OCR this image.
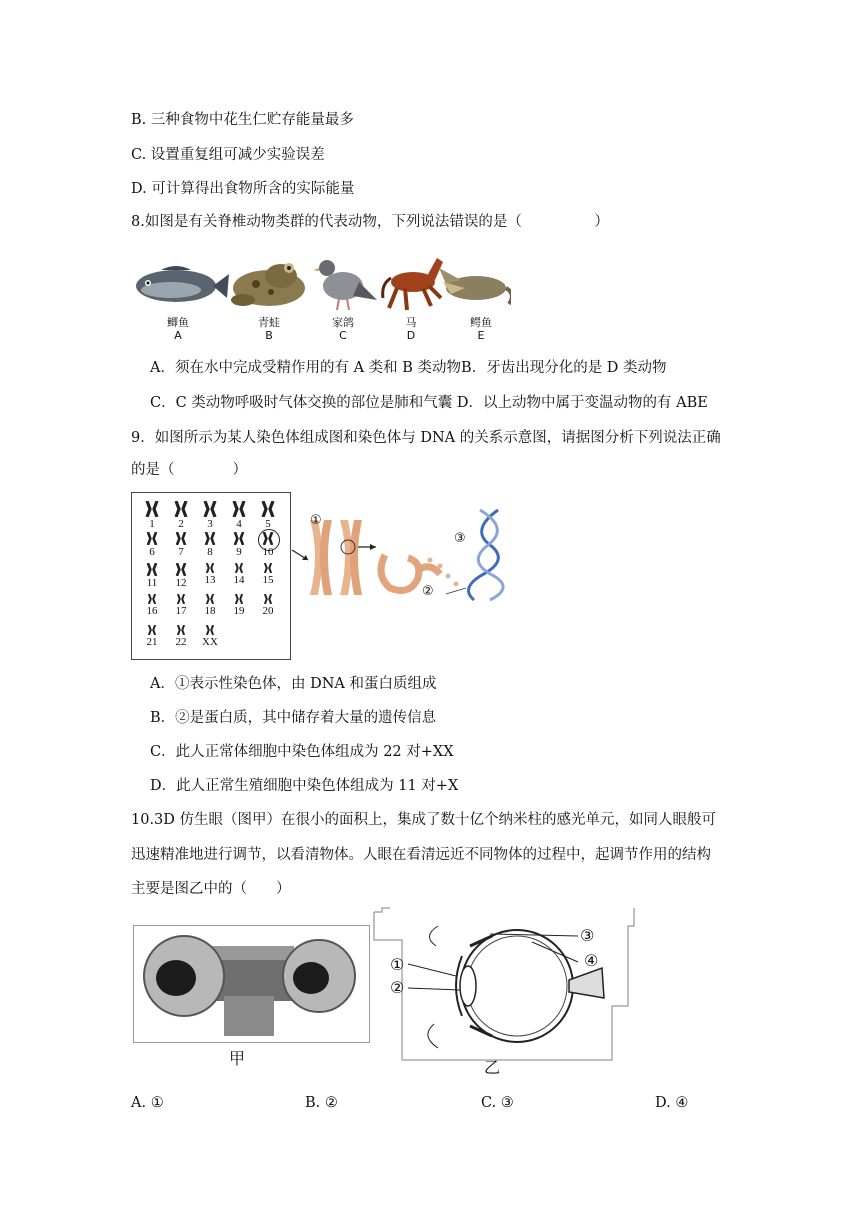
B. 三种食物中花生仁贮存能量最多
C. 设置重复组可减少实验误差
D. 可计算得出食物所含的实际能量
8.如图是有关脊椎动物类群的代表动物，下列说法错误的是（　　　　　）
鲫鱼
A
青蛙
B
家鸽
C
马
D
鳄鱼
E
A．须在水中完成受精作用的有 A 类和 B 类动物B．牙齿出现分化的是 D 类动物
C．C 类动物呼吸时气体交换的部位是肺和气囊 D．以上动物中属于变温动物的有 ABE
9．如图所示为某人染色体组成图和染色体与 DNA 的关系示意图，请据图分析下列说法正确
的是（　　　　）
1	2	3	4	5
6	7	8	9	10
11	12	13	14	15
16	17	18	19	20
21	22	XX
①
②
③
A．①表示性染色体，由 DNA 和蛋白质组成
B．②是蛋白质，其中储存着大量的遗传信息
C．此人正常体细胞中染色体组成为 22 对+XX
D．此人正常生殖细胞中染色体组成为 11 对+X
10.3D 仿生眼（图甲）在很小的面积上，集成了数十亿个纳米柱的感光单元，如同人眼般可
迅速精准地进行调节，以看清物体。人眼在看清远近不同物体的过程中，起调节作用的结构
主要是图乙中的（　　）
甲
①
②
③
④
乙
A. ①	B. ②	C. ③	D. ④
